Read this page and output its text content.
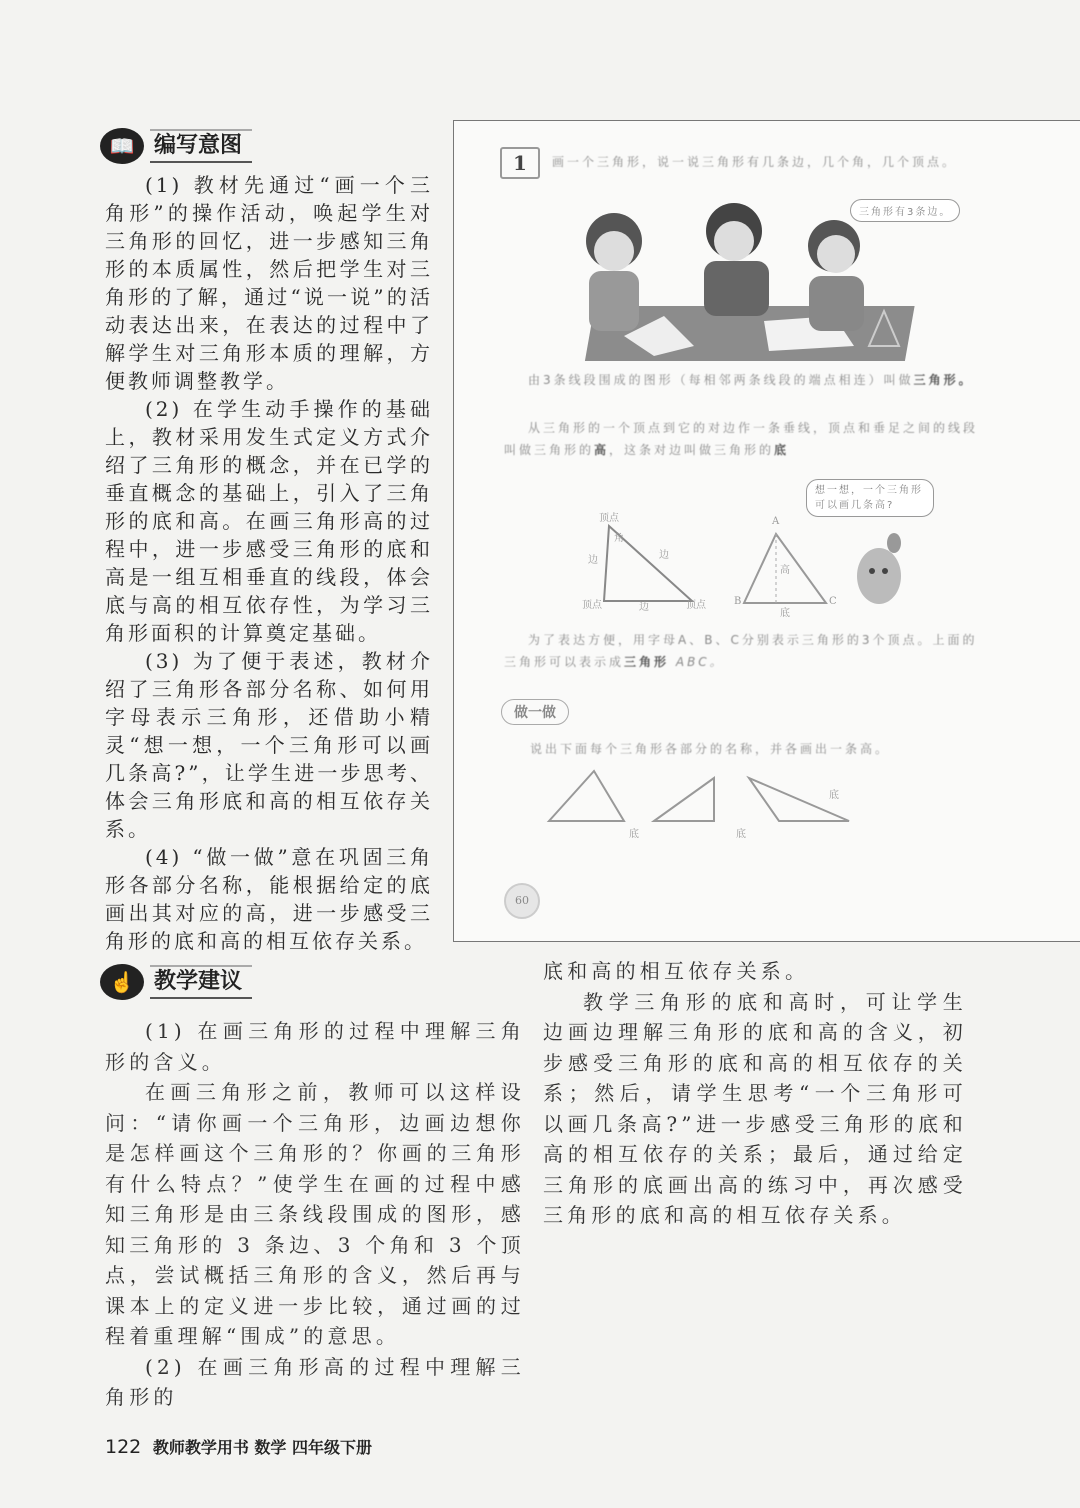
📖 编写意图

(1) 教材先通过“画一个三角形”的操作活动，唤起学生对三角形的回忆，进一步感知三角形的本质属性，然后把学生对三角形的了解，通过“说一说”的活动表达出来，在表达的过程中了解学生对三角形本质的理解，方便教师调整教学。

(2) 在学生动手操作的基础上，教材采用发生式定义方式介绍了三角形的概念，并在已学的垂直概念的基础上，引入了三角形的底和高。在画三角形高的过程中，进一步感受三角形的底和高是一组互相垂直的线段，体会底与高的相互依存性，为学习三角形面积的计算奠定基础。

(3) 为了便于表述，教材介绍了三角形各部分名称、如何用字母表示三角形，还借助小精灵“想一想，一个三角形可以画几条高?”，让学生进一步思考、体会三角形底和高的相互依存关系。

(4) “做一做”意在巩固三角形各部分名称，能根据给定的底画出其对应的高，进一步感受三角形的底和高的相互依存关系。

☝ 教学建议

(1) 在画三角形的过程中理解三角形的含义。

在画三角形之前，教师可以这样设问：“请你画一个三角形，边画边想你是怎样画这个三角形的？你画的三角形有什么特点？”使学生在画的过程中感知三角形是由三条线段围成的图形，感知三角形的 3 条边、3 个角和 3 个顶点，尝试概括三角形的含义，然后再与课本上的定义进一步比较，通过画的过程着重理解“围成”的意思。

(2) 在画三角形高的过程中理解三角形的

122 教师教学用书 数学 四年级下册
1	画一个三角形，说一说三角形有几条边，几个角，几个顶点。
三角形有3条边。
由3条线段围成的图形（每相邻两条线段的端点相连）叫做三角形。
从三角形的一个顶点到它的对边作一条垂线，顶点和垂足之间的线段叫做三角形的高，这条对边叫做三角形的底
想一想，一个三角形可以画几条高?
顶点
顶点	顶点
边
边	边
角
A
B	C
高
底
为了表达方便，用字母A、B、C分别表示三角形的3个顶点。上面的三角形可以表示成三角形 ABC。
做一做
说出下面每个三角形各部分的名称，并各画出一条高。
底	底
底
60

底和高的相互依存关系。

教学三角形的底和高时，可让学生边画边理解三角形的底和高的含义，初步感受三角形的底和高的相互依存的关系；然后，请学生思考“一个三角形可以画几条高?”进一步感受三角形的底和高的相互依存的关系；最后，通过给定三角形的底画出高的练习中，再次感受三角形的底和高的相互依存关系。
